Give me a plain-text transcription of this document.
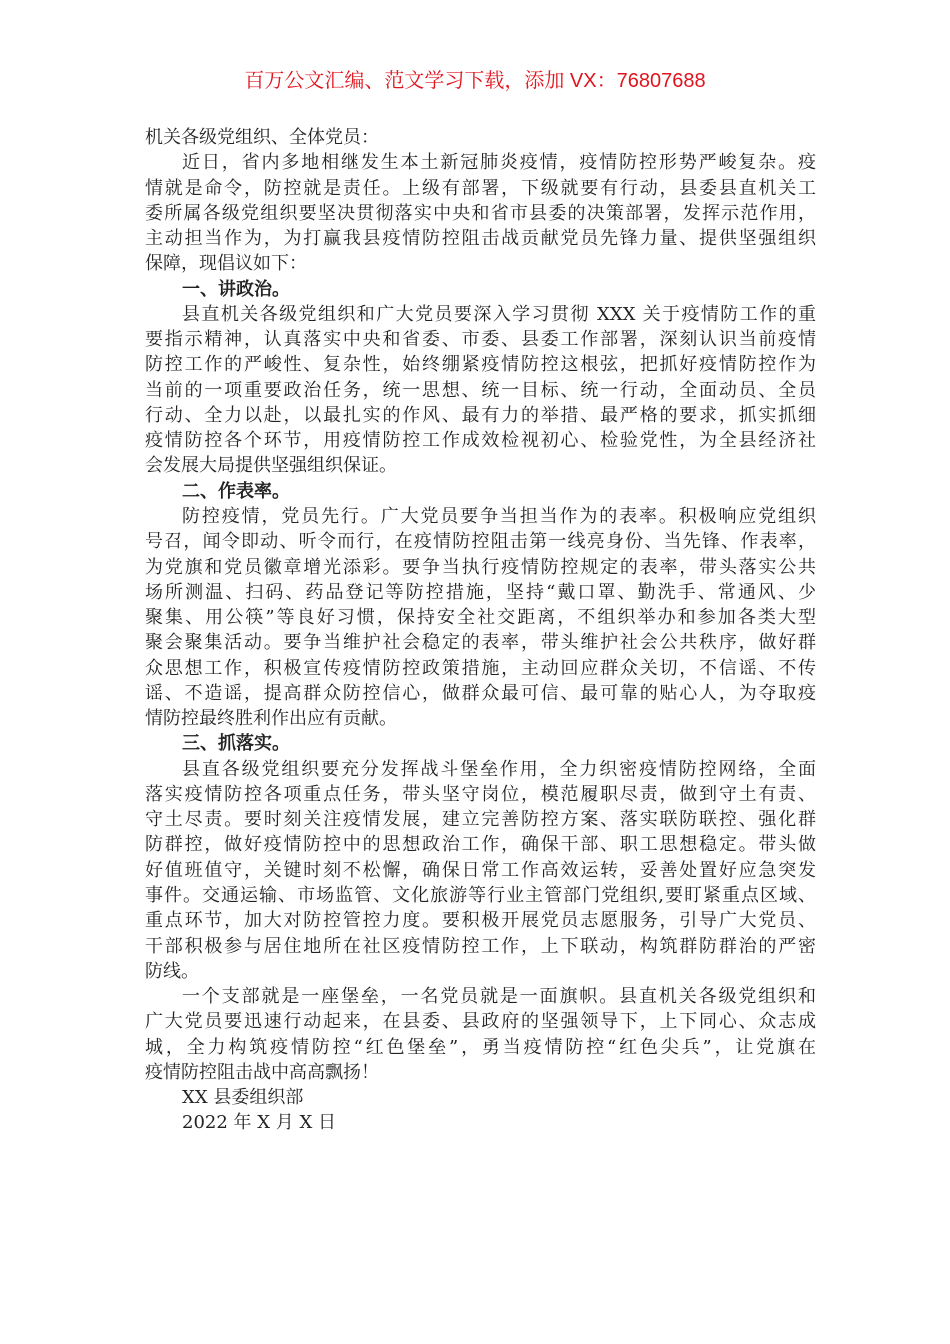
百万公文汇编、范文学习下载，添加 VX：76807688
机关各级党组织、全体党员：
近日，省内多地相继发生本土新冠肺炎疫情，疫情防控形势严峻复杂。疫
情就是命令，防控就是责任。上级有部署，下级就要有行动，县委县直机关工
委所属各级党组织要坚决贯彻落实中央和省市县委的决策部署，发挥示范作用，
主动担当作为，为打赢我县疫情防控阻击战贡献党员先锋力量、提供坚强组织
保障，现倡议如下：
一、讲政治。
县直机关各级党组织和广大党员要深入学习贯彻 XXX 关于疫情防工作的重
要指示精神，认真落实中央和省委、市委、县委工作部署，深刻认识当前疫情
防控工作的严峻性、复杂性，始终绷紧疫情防控这根弦，把抓好疫情防控作为
当前的一项重要政治任务，统一思想、统一目标、统一行动，全面动员、全员
行动、全力以赴，以最扎实的作风、最有力的举措、最严格的要求，抓实抓细
疫情防控各个环节，用疫情防控工作成效检视初心、检验党性，为全县经济社
会发展大局提供坚强组织保证。
二、作表率。
防控疫情，党员先行。广大党员要争当担当作为的表率。积极响应党组织
号召，闻令即动、听令而行，在疫情防控阻击第一线亮身份、当先锋、作表率，
为党旗和党员徽章增光添彩。要争当执行疫情防控规定的表率，带头落实公共
场所测温、扫码、药品登记等防控措施，坚持“戴口罩、勤洗手、常通风、少
聚集、用公筷”等良好习惯，保持安全社交距离，不组织举办和参加各类大型
聚会聚集活动。要争当维护社会稳定的表率，带头维护社会公共秩序，做好群
众思想工作，积极宣传疫情防控政策措施，主动回应群众关切，不信谣、不传
谣、不造谣，提高群众防控信心，做群众最可信、最可靠的贴心人，为夺取疫
情防控最终胜利作出应有贡献。
三、抓落实。
县直各级党组织要充分发挥战斗堡垒作用，全力织密疫情防控网络，全面
落实疫情防控各项重点任务，带头坚守岗位，模范履职尽责，做到守土有责、
守土尽责。要时刻关注疫情发展，建立完善防控方案、落实联防联控、强化群
防群控，做好疫情防控中的思想政治工作，确保干部、职工思想稳定。带头做
好值班值守，关键时刻不松懈，确保日常工作高效运转，妥善处置好应急突发
事件。交通运输、市场监管、文化旅游等行业主管部门党组织,要盯紧重点区域、
重点环节，加大对防控管控力度。要积极开展党员志愿服务，引导广大党员、
干部积极参与居住地所在社区疫情防控工作，上下联动，构筑群防群治的严密
防线。
一个支部就是一座堡垒，一名党员就是一面旗帜。县直机关各级党组织和
广大党员要迅速行动起来，在县委、县政府的坚强领导下，上下同心、众志成
城，全力构筑疫情防控“红色堡垒”，勇当疫情防控“红色尖兵”，让党旗在
疫情防控阻击战中高高飘扬！
XX 县委组织部
2022 年 X 月 X 日
